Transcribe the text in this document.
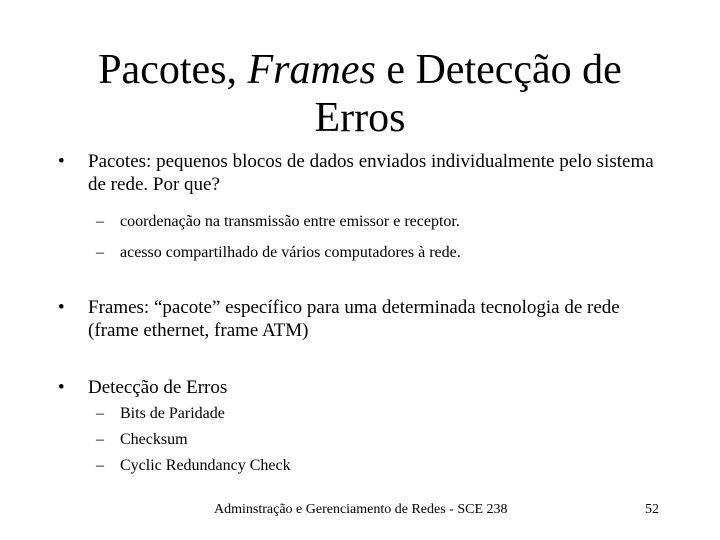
Pacotes, Frames e Detecção de
Erros
•	Pacotes: pequenos blocos de dados enviados individualmente pelo sistema de rede. Por que?
–	coordenação na transmissão entre emissor e receptor.
–	acesso compartilhado de vários computadores à rede.
•	Frames: “pacote” específico para uma determinada tecnologia de rede (frame ethernet, frame ATM)
•	Detecção de Erros
–	Bits de Paridade
–	Checksum
–	Cyclic Redundancy Check
Adminstração e Gerenciamento de Redes - SCE 238	52
